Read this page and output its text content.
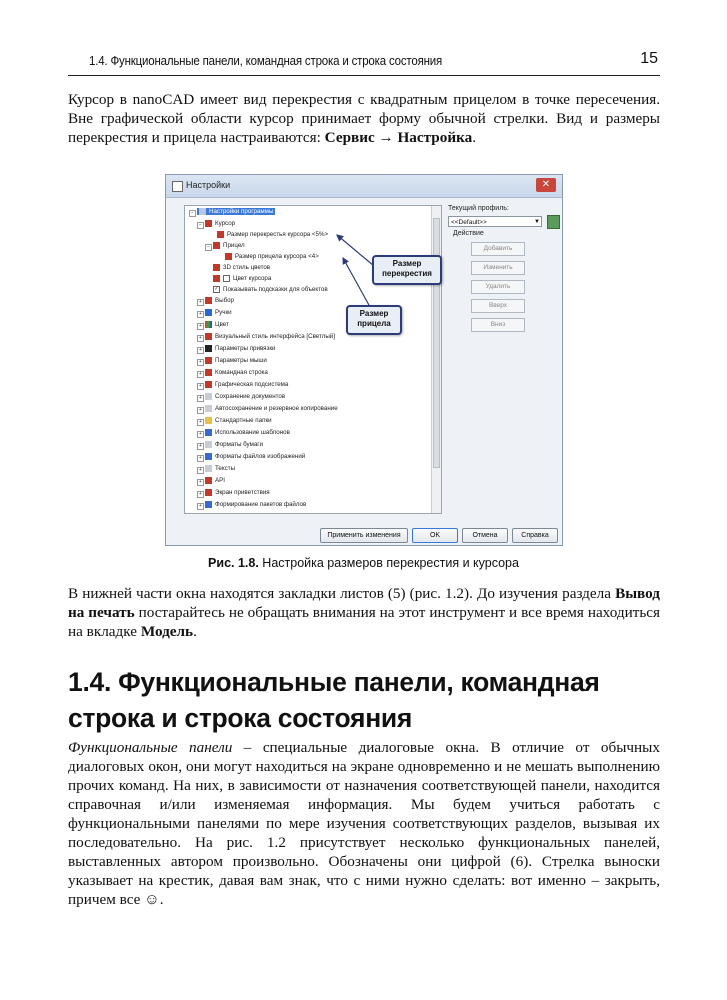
1.4. Функциональные панели, командная строка и строка состояния	15

Курсор в nanoCAD имеет вид перекрестия с квадратным прицелом в точке пересечения. Вне графической области курсор принимает форму обычной стрелки. Вид и размеры перекрестия и прицела настраиваются: Сервис → Настройка.

Настройки	✕
−	Настройки программы
−	Курсор
Размер перекрестья курсора <5%>
−	Прицел
Размер прицела курсора <4>
3D стиль цветов
Цвет курсора
✓ Показывать подсказки для объектов
+	Выбор
+	Ручки
+	Цвет
+	Визуальный стиль интерфейса [Светлый]
+	Параметры привязки
+	Параметры мыши
+	Командная строка
+	Графическая подсистема
+	Сохранение документов
+	Автосохранение и резервное копирование
+	Стандартные папки
+	Использование шаблонов
+	Форматы бумаги
+	Форматы файлов изображений
+	Тексты
+	API
+	Экран приветствия
+	Формирование пакетов файлов
Размер перекрестия
Размер прицела
Текущий профиль:
<<Default>>	▼
Действие
Добавить
Изменить
Удалить
Вверх
Вниз
Применить изменения	OK	Отмена	Справка
Рис. 1.8. Настройка размеров перекрестия и курсора

В нижней части окна находятся закладки листов (5) (рис. 1.2). До изучения раздела Вывод на печать постарайтесь не обращать внимания на этот инструмент и все время находиться на вкладке Модель.

1.4. Функциональные панели, командная
строка и строка состояния

Функциональные панели – специальные диалоговые окна. В отличие от обычных диалоговых окон, они могут находиться на экране одновременно и не мешать выполнению прочих команд. На них, в зависимости от назначения соответствующей панели, находится справочная и/или изменяемая информация. Мы будем учиться работать с функциональными панелями по мере изучения соответствующих разделов, вызывая их последовательно. На рис. 1.2 присутствует несколько функциональных панелей, выставленных автором произвольно. Обозначены они цифрой (6). Стрелка выноски указывает на крестик, давая вам знак, что с ними нужно сделать: вот именно – закрыть, причем все ☺.
